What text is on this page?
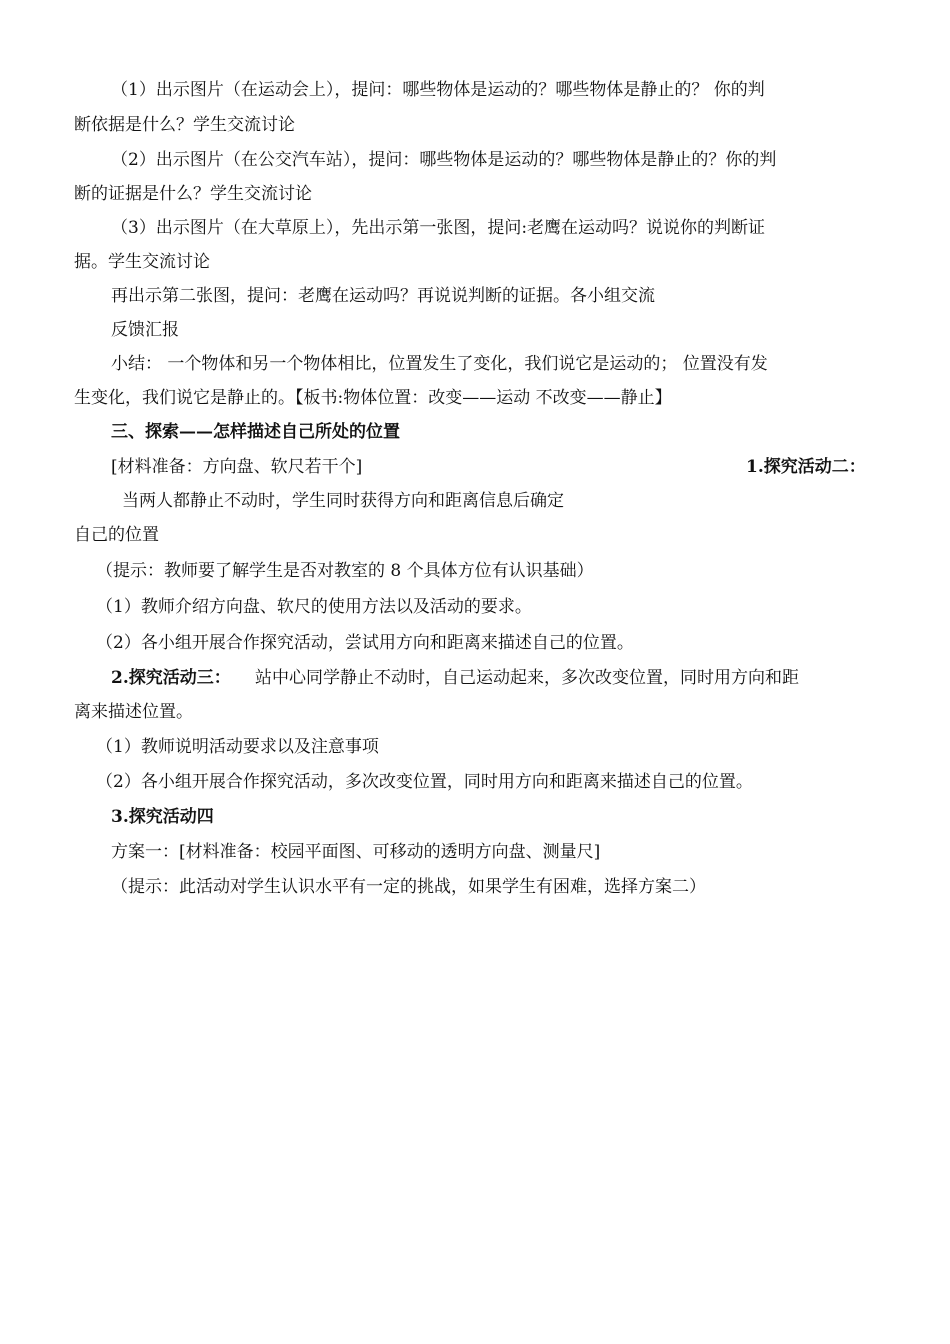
（1）出示图片（在运动会上），提问：哪些物体是运动的？哪些物体是静止的？ 你的判
断依据是什么？学生交流讨论
（2）出示图片（在公交汽车站），提问：哪些物体是运动的？哪些物体是静止的？你的判
断的证据是什么？学生交流讨论
（3）出示图片（在大草原上），先出示第一张图，提问:老鹰在运动吗？说说你的判断证
据。学生交流讨论
再出示第二张图，提问：老鹰在运动吗？再说说判断的证据。各小组交流
反馈汇报
小结： 一个物体和另一个物体相比，位置发生了变化，我们说它是运动的； 位置没有发
生变化，我们说它是静止的。【板书:物体位置：改变——运动 不改变——静止】
三、探索——怎样描述自己所处的位置
[材料准备：方向盘、软尺若干个]	1.探究活动二：
当两人都静止不动时，学生同时获得方向和距离信息后确定
自己的位置
（提示：教师要了解学生是否对教室的 8 个具体方位有认识基础）
（1）教师介绍方向盘、软尺的使用方法以及活动的要求。
（2）各小组开展合作探究活动，尝试用方向和距离来描述自己的位置。
2.探究活动三： 站中心同学静止不动时，自己运动起来，多次改变位置，同时用方向和距
离来描述位置。
（1）教师说明活动要求以及注意事项
（2）各小组开展合作探究活动，多次改变位置，同时用方向和距离来描述自己的位置。
3.探究活动四
方案一：[材料准备：校园平面图、可移动的透明方向盘、测量尺]
（提示：此活动对学生认识水平有一定的挑战，如果学生有困难，选择方案二）
